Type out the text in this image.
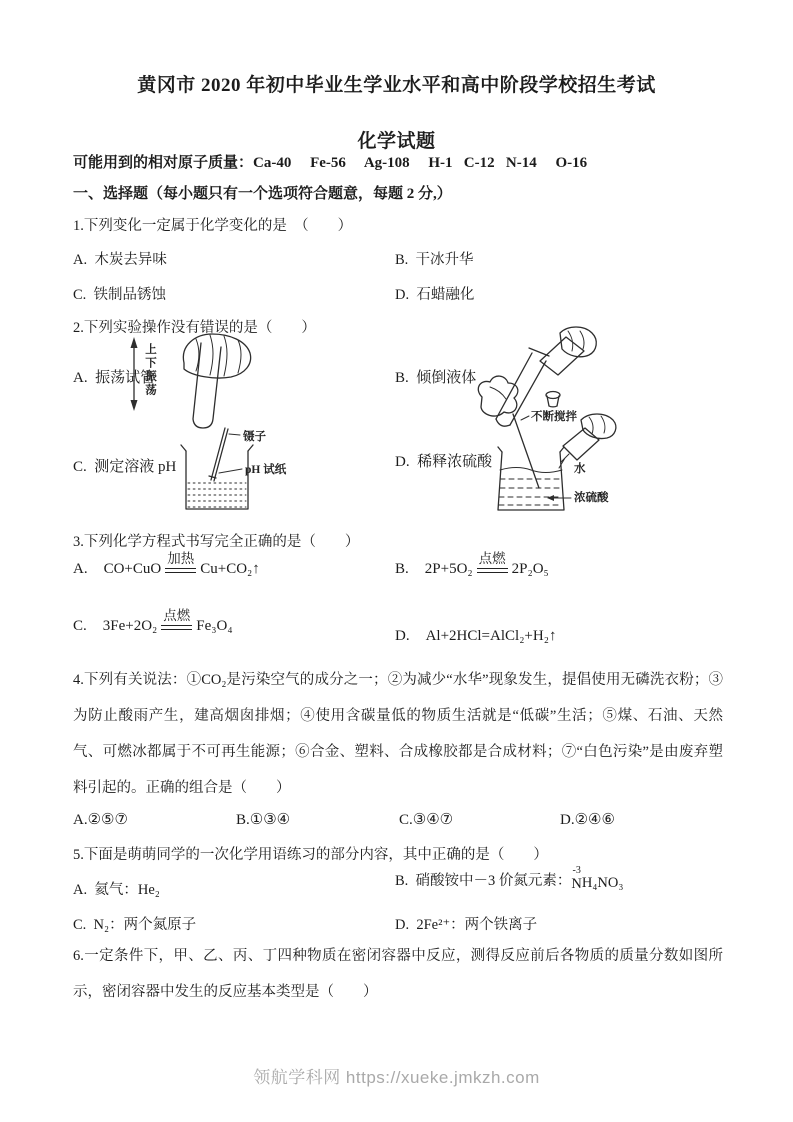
黄冈市 2020 年初中毕业生学业水平和高中阶段学校招生考试
化学试题
可能用到的相对原子质量：Ca-40     Fe-56     Ag-108     H-1   C-12   N-14     O-16
一、选择题（每小题只有一个选项符合题意，每题 2 分,）
1.下列变化一定属于化学变化的是　（　　）
A.  木炭去异味	B.  干冰升华
C.  铁制品锈蚀	D.  石蜡融化
2.下列实验操作没有错误的是（　　）
A.  振荡试管	B.  倾倒液体
C.  测定溶液 pH	D.  稀释浓硫酸
上下振荡
镊子
pH 试纸
不断搅拌
水
浓硫酸
3.下列化学方程式书写完全正确的是（　　）
A. CO+CuO
加热
Cu+CO₂↑	B. 2P+5O₂
点燃
2P₂O₅
C. 3Fe+2O₂
点燃
Fe₃O₄
D. Al+2HCl=AlCl₂+H₂↑
4.下列有关说法：①CO₂是污染空气的成分之一；②为减少“水华”现象发生，提倡使用无磷洗衣粉；③为防止酸雨产生，建高烟囱排烟；④使用含碳量低的物质生活就是“低碳”生活；⑤煤、石油、天然气、可燃冰都属于不可再生能源；⑥合金、塑料、合成橡胶都是合成材料；⑦“白色污染”是由废弃塑料引起的。正确的组合是（　　）
A.②⑤⑦	B.①③④	C.③④⑦	D.②④⑥
5.下面是萌萌同学的一次化学用语练习的部分内容，其中正确的是（　　）
A.  氦气：He₂
B.  硝酸铵中－3 价氮元素：
-3
N H₄NO₃
C.  N₂：两个氮原子	D.  2Fe²⁺：两个铁离子
6.一定条件下，甲、乙、丙、丁四种物质在密闭容器中反应，测得反应前后各物质的质量分数如图所示，密闭容器中发生的反应基本类型是（　　）
领航学科网 https://xueke.jmkzh.com
